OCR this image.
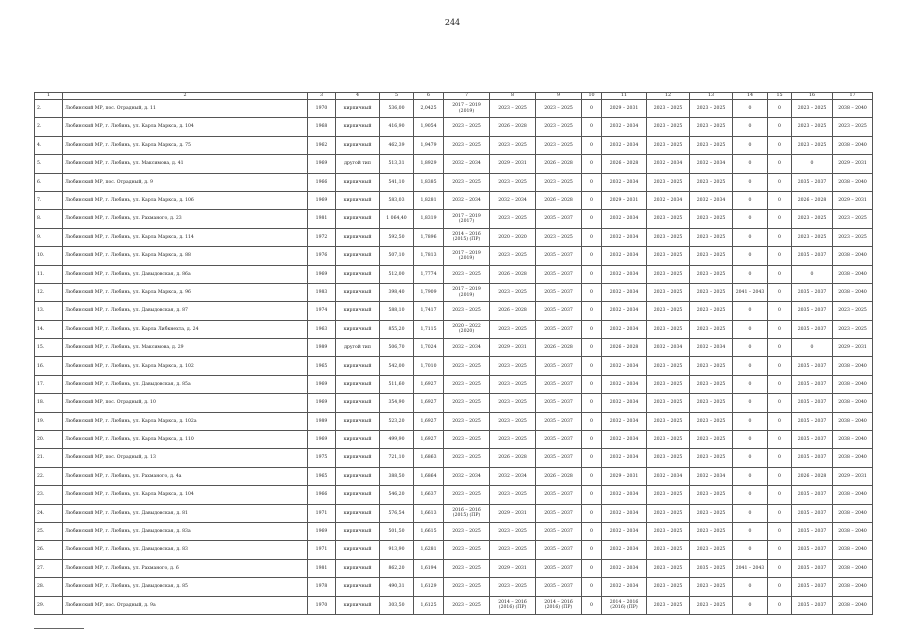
244
1	2	3	4	5	6	7	8	9	10	11	12	13	14	15	16	17
2.	Любинский МР, пос. Отрадный, д. 11	1970	кирпичный	536,00	2,0425	2017 – 2019 (2019)	2023 – 2025	2023 – 2025	0	2029 – 2031	2023 – 2025	2023 – 2025	0	0	2023 – 2025	2038 – 2040
2.	Любинский МР, г. Любинь, ул. Карла Маркса, д. 104	1968	кирпичный	416,90	1,9054	2023 – 2025	2026 – 2028	2023 – 2025	0	2032 – 2034	2023 – 2025	2023 – 2025	0	0	2023 – 2025	2023 – 2025
4.	Любинский МР, г. Любинь, ул. Карла Маркса, д. 75	1962	кирпичный	462,39	1,9479	2023 – 2025	2023 – 2025	2023 – 2025	0	2032 – 2034	2023 – 2025	2023 – 2025	0	0	2023 – 2025	2038 – 2040
5.	Любинский МР, г. Любинь, ул. Максимова, д. 41	1969	другой тип	513,31	1,8929	2032 – 2034	2029 – 2031	2026 – 2028	0	2026 – 2028	2032 – 2034	2032 – 2034	0	0	0	2029 – 2031
6.	Любинский МР, пос. Отрадный, д. 9	1966	кирпичный	541,10	1,8385	2023 – 2025	2023 – 2025	2023 – 2025	0	2032 – 2034	2023 – 2025	2023 – 2025	0	0	2035 – 2037	2038 – 2040
7.	Любинский МР, г. Любинь, ул. Карла Маркса, д. 106	1969	кирпичный	583,03	1,8281	2032 – 2034	2032 – 2034	2026 – 2028	0	2029 – 2031	2032 – 2034	2032 – 2034	0	0	2026 – 2028	2029 – 2031
8.	Любинский МР, г. Любинь, ул. Рахманого, д. 23	1981	кирпичный	1 064,40	1,8319	2017 – 2019 (2017)	2023 – 2025	2035 – 2037	0	2032 – 2034	2023 – 2025	2023 – 2025	0	0	2023 – 2025	2023 – 2025
9.	Любинский МР, г. Любинь, ул. Карла Маркса, д. 114	1972	кирпичный	592,50	1,7896	2014 – 2016 (2015) (ПР)	2020 – 2020	2023 – 2025	0	2032 – 2034	2023 – 2025	2023 – 2025	0	0	2023 – 2025	2023 – 2025
10.	Любинский МР, г. Любинь, ул. Карла Маркса, д. 88	1976	кирпичный	507,10	1,7813	2017 – 2019 (2019)	2023 – 2025	2035 – 2037	0	2032 – 2034	2023 – 2025	2023 – 2025	0	0	2035 – 2037	2038 – 2040
11.	Любинский МР, г. Любинь, ул. Давыдовская, д. 86а	1969	кирпичный	512,00	1,7774	2023 – 2025	2026 – 2028	2035 – 2037	0	2032 – 2034	2023 – 2025	2023 – 2025	0	0	0	2038 – 2040
12.	Любинский МР, г. Любинь, ул. Карла Маркса, д. 96	1983	кирпичный	398,40	1,7909	2017 – 2019 (2019)	2023 – 2025	2035 – 2037	0	2032 – 2034	2023 – 2025	2023 – 2025	2041 – 2043	0	2035 – 2037	2038 – 2040
13.	Любинский МР, г. Любинь, ул. Давыдовская, д. 87	1974	кирпичный	588,10	1,7417	2023 – 2025	2026 – 2028	2035 – 2037	0	2032 – 2034	2023 – 2025	2023 – 2025	0	0	2035 – 2037	2023 – 2025
14.	Любинский МР, г. Любинь, ул. Карла Либкнехта, д. 24	1963	кирпичный	855,20	1,7115	2020 – 2022 (2020)	2023 – 2025	2035 – 2037	0	2032 – 2034	2023 – 2025	2023 – 2025	0	0	2035 – 2037	2023 – 2025
15.	Любинский МР, г. Любинь, ул. Максимова, д. 29	1989	другой тип	506,70	1,7024	2032 – 2034	2029 – 2031	2026 – 2028	0	2026 – 2028	2032 – 2034	2032 – 2034	0	0	0	2029 – 2031
16.	Любинский МР, г. Любинь, ул. Карла Маркса, д. 102	1965	кирпичный	542,00	1,7010	2023 – 2025	2023 – 2025	2035 – 2037	0	2032 – 2034	2023 – 2025	2023 – 2025	0	0	2035 – 2037	2038 – 2040
17.	Любинский МР, г. Любинь, ул. Давыдовская, д. 85а	1969	кирпичный	511,60	1,6927	2023 – 2025	2023 – 2025	2035 – 2037	0	2032 – 2034	2023 – 2025	2023 – 2025	0	0	2035 – 2037	2038 – 2040
18.	Любинский МР, пос. Отрадный, д. 10	1969	кирпичный	354,90	1,6927	2023 – 2025	2023 – 2025	2035 – 2037	0	2032 – 2034	2023 – 2025	2023 – 2025	0	0	2035 – 2037	2038 – 2040
19.	Любинский МР, г. Любинь, ул. Карла Маркса, д. 102а	1989	кирпичный	523,20	1,6927	2023 – 2025	2023 – 2025	2035 – 2037	0	2032 – 2034	2023 – 2025	2023 – 2025	0	0	2035 – 2037	2038 – 2040
20.	Любинский МР, г. Любинь, ул. Карла Маркса, д. 110	1969	кирпичный	499,90	1,6927	2023 – 2025	2023 – 2025	2035 – 2037	0	2032 – 2034	2023 – 2025	2023 – 2025	0	0	2035 – 2037	2038 – 2040
21.	Любинский МР, пос. Отрадный, д. 13	1975	кирпичный	721,10	1,6863	2023 – 2025	2026 – 2028	2035 – 2037	0	2032 – 2034	2023 – 2025	2023 – 2025	0	0	2035 – 2037	2038 – 2040
22.	Любинский МР, г. Любинь, ул. Рахманого, д. 4а	1965	кирпичный	388,50	1,6864	2032 – 2034	2032 – 2034	2026 – 2028	0	2029 – 2031	2032 – 2034	2032 – 2034	0	0	2026 – 2028	2029 – 2031
23.	Любинский МР, г. Любинь, ул. Карла Маркса, д. 104	1966	кирпичный	546,20	1,6637	2023 – 2025	2023 – 2025	2035 – 2037	0	2032 – 2034	2023 – 2025	2023 – 2025	0	0	2035 – 2037	2038 – 2040
24.	Любинский МР, г. Любинь, ул. Давыдовская, д. 81	1971	кирпичный	576,54	1,6613	2016 – 2016 (2015) (ПР)	2029 – 2031	2035 – 2037	0	2032 – 2034	2023 – 2025	2023 – 2025	0	0	2035 – 2037	2038 – 2040
25.	Любинский МР, г. Любинь, ул. Давыдовская, д. 83а	1969	кирпичный	501,50	1,6615	2023 – 2025	2023 – 2025	2035 – 2037	0	2032 – 2034	2023 – 2025	2023 – 2025	0	0	2035 – 2037	2038 – 2040
26.	Любинский МР, г. Любинь, ул. Давыдовская, д. 83	1971	кирпичный	913,90	1,6281	2023 – 2025	2023 – 2025	2035 – 2037	0	2032 – 2034	2023 – 2025	2023 – 2025	0	0	2035 – 2037	2038 – 2040
27.	Любинский МР, г. Любинь, ул. Рахманого, д. 6	1981	кирпичный	862,20	1,6194	2023 – 2025	2029 – 2031	2035 – 2037	0	2032 – 2034	2023 – 2025	2035 – 2025	2041 – 2043	0	2035 – 2037	2038 – 2040
28.	Любинский МР, г. Любинь, ул. Давыдовская, д. 85	1978	кирпичный	490,31	1,6129	2023 – 2025	2023 – 2025	2035 – 2037	0	2032 – 2034	2023 – 2025	2023 – 2025	0	0	2035 – 2037	2038 – 2040
29.	Любинский МР, пос. Отрадный, д. 9а	1970	кирпичный	303,50	1,6125	2023 – 2025	2014 – 2016 (2016) (ПР)	2014 – 2016 (2016) (ПР)	0	2014 – 2016 (2016) (ПР)	2023 – 2025	2023 – 2025	0	0	2035 – 2037	2038 – 2040
